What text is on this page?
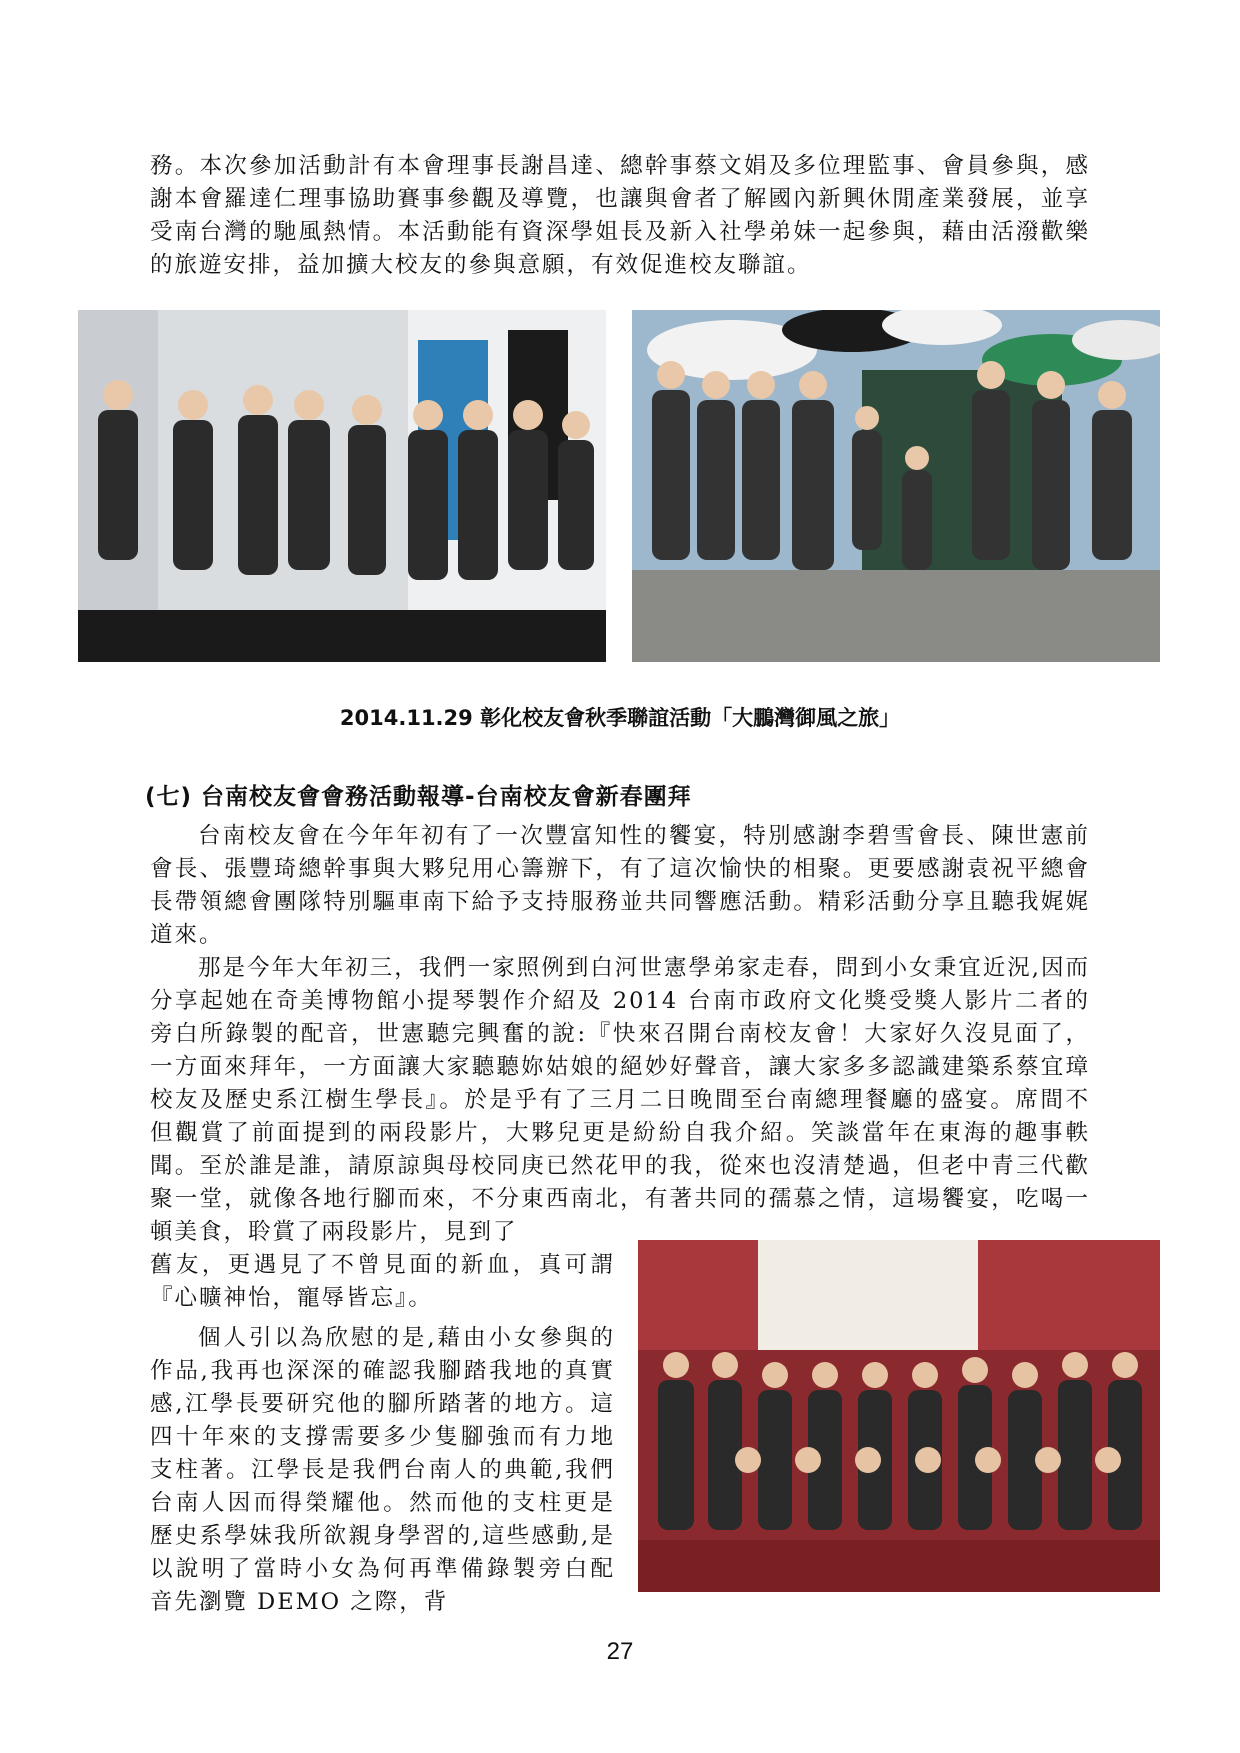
務。本次參加活動計有本會理事長謝昌達、總幹事蔡文娟及多位理監事、會員參與，感謝本會羅達仁理事協助賽事參觀及導覽，也讓與會者了解國內新興休閒產業發展，並享受南台灣的馳風熱情。本活動能有資深學姐長及新入社學弟妹一起參與，藉由活潑歡樂的旅遊安排，益加擴大校友的參與意願，有效促進校友聯誼。

2014.11.29 彰化校友會秋季聯誼活動「大鵬灣御風之旅」
(七) 台南校友會會務活動報導-台南校友會新春團拜

台南校友會在今年年初有了一次豐富知性的饗宴，特別感謝李碧雪會長、陳世憲前會長、張豐琦總幹事與大夥兒用心籌辦下，有了這次愉快的相聚。更要感謝袁祝平總會長帶領總會團隊特別驅車南下給予支持服務並共同響應活動。精彩活動分享且聽我娓娓道來。

那是今年大年初三，我們一家照例到白河世憲學弟家走春，問到小女秉宜近況,因而分享起她在奇美博物館小提琴製作介紹及 2014 台南市政府文化獎受獎人影片二者的旁白所錄製的配音，世憲聽完興奮的說:『快來召開台南校友會！大家好久沒見面了，一方面來拜年，一方面讓大家聽聽妳姑娘的絕妙好聲音，讓大家多多認識建築系蔡宜璋校友及歷史系江樹生學長』。於是乎有了三月二日晚間至台南總理餐廳的盛宴。席間不但觀賞了前面提到的兩段影片，大夥兒更是紛紛自我介紹。笑談當年在東海的趣事軼聞。至於誰是誰，請原諒與母校同庚已然花甲的我，從來也沒清楚過，但老中青三代歡聚一堂，就像各地行腳而來，不分東西南北，有著共同的孺慕之情，這場饗宴，吃喝一頓美食，聆賞了兩段影片，見到了

舊友，更遇見了不曾見面的新血，真可謂『心曠神怡，寵辱皆忘』。

個人引以為欣慰的是,藉由小女參與的作品,我再也深深的確認我腳踏我地的真實感,江學長要研究他的腳所踏著的地方。這四十年來的支撐需要多少隻腳強而有力地支柱著。江學長是我們台南人的典範,我們台南人因而得榮耀他。然而他的支柱更是歷史系學妹我所欲親身學習的,這些感動,是以說明了當時小女為何再準備錄製旁白配音先瀏覽 DEMO 之際，背

27
